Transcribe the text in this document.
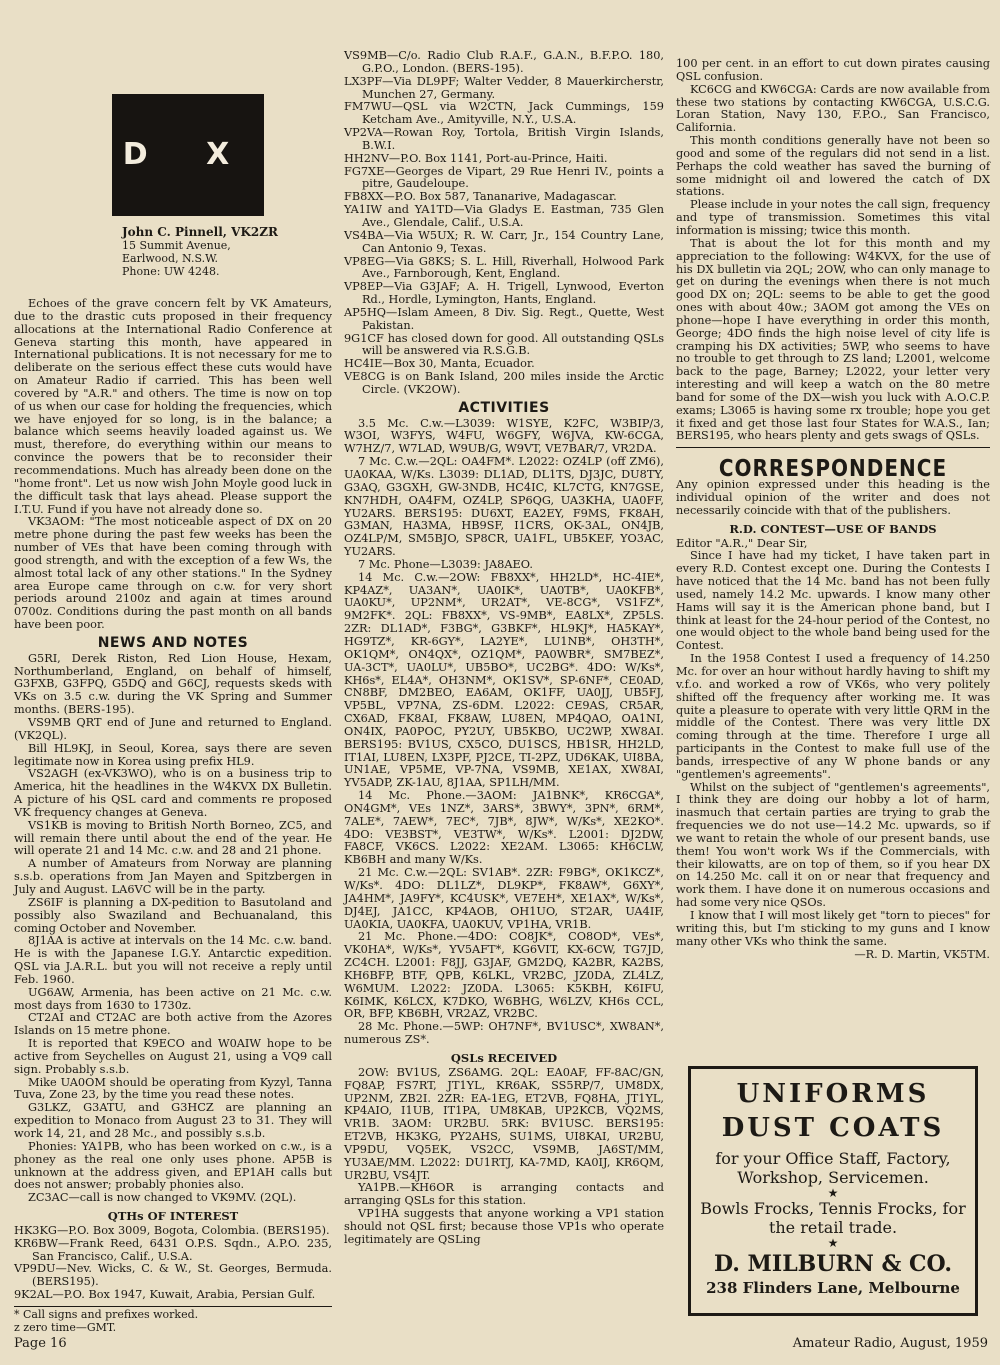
D X
John C. Pinnell, VK2ZR
15 Summit Avenue,
Earlwood, N.S.W.
Phone: UW 4248.

Echoes of the grave concern felt by VK Amateurs, due to the drastic cuts proposed in their frequency allocations at the International Radio Conference at Geneva starting this month, have appeared in International publications. It is not necessary for me to deliberate on the serious effect these cuts would have on Amateur Radio if carried. This has been well covered by "A.R." and others. The time is now on top of us when our case for holding the frequencies, which we have enjoyed for so long, is in the balance; a balance which seems heavily loaded against us. We must, therefore, do everything within our means to convince the powers that be to reconsider their recommendations. Much has already been done on the "home front". Let us now wish John Moyle good luck in the difficult task that lays ahead. Please support the I.T.U. Fund if you have not already done so.

VK3AOM: "The most noticeable aspect of DX on 20 metre phone during the past few weeks has been the number of VEs that have been coming through with good strength, and with the exception of a few Ws, the almost total lack of any other stations." In the Sydney area Europe came through on c.w. for very short periods around 2100z and again at times around 0700z. Conditions during the past month on all bands have been poor.

NEWS AND NOTES

G5RI, Derek Riston, Red Lion House, Hexam, Northumberland, England, on behalf of himself, G3FXB, G3FPQ, G5DQ and G6CJ, requests skeds with VKs on 3.5 c.w. during the VK Spring and Summer months. (BERS-195).

VS9MB QRT end of June and returned to England. (VK2QL).

Bill HL9KJ, in Seoul, Korea, says there are seven legitimate now in Korea using prefix HL9.

VS2AGH (ex-VK3WO), who is on a business trip to America, hit the headlines in the W4KVX DX Bulletin. A picture of his QSL card and comments re proposed VK frequency changes at Geneva.

VS1KB is moving to British North Borneo, ZC5, and will remain there until about the end of the year. He will operate 21 and 14 Mc. c.w. and 28 and 21 phone.

A number of Amateurs from Norway are planning s.s.b. operations from Jan Mayen and Spitzbergen in July and August. LA6VC will be in the party.

ZS6IF is planning a DX-pedition to Basutoland and possibly also Swaziland and Bechuanaland, this coming October and November.

8J1AA is active at intervals on the 14 Mc. c.w. band. He is with the Japanese I.G.Y. Antarctic expedition. QSL via J.A.R.L. but you will not receive a reply until Feb. 1960.

UG6AW, Armenia, has been active on 21 Mc. c.w. most days from 1630 to 1730z.

CT2AI and CT2AC are both active from the Azores Islands on 15 metre phone.

It is reported that K9ECO and W0AIW hope to be active from Seychelles on August 21, using a VQ9 call sign. Probably s.s.b.

Mike UA0OM should be operating from Kyzyl, Tanna Tuva, Zone 23, by the time you read these notes.

G3LKZ, G3ATU, and G3HCZ are planning an expedition to Monaco from August 23 to 31. They will work 14, 21, and 28 Mc., and possibly s.s.b.

Phonies: YA1PB, who has been worked on c.w., is a phoney as the real one only uses phone. AP5B is unknown at the address given, and EP1AH calls but does not answer; probably phonies also.

ZC3AC—call is now changed to VK9MV. (2QL).

QTHs OF INTEREST

HK3KG—P.O. Box 3009, Bogota, Colombia. (BERS195).

KR6BW—Frank Reed, 6431 O.P.S. Sqdn., A.P.O. 235, San Francisco, Calif., U.S.A.

VP9DU—Nev. Wicks, C. & W., St. Georges, Bermuda. (BERS195).

9K2AL—P.O. Box 1947, Kuwait, Arabia, Persian Gulf.

* Call signs and prefixes worked.
z zero time—GMT.

VS9MB—C/o. Radio Club R.A.F., G.A.N., B.F.P.O. 180, G.P.O., London. (BERS-195).

LX3PF—Via DL9PF; Walter Vedder, 8 Mauerkircherstr, Munchen 27, Germany.

FM7WU—QSL via W2CTN, Jack Cummings, 159 Ketcham Ave., Amityville, N.Y., U.S.A.

VP2VA—Rowan Roy, Tortola, British Virgin Islands, B.W.I.

HH2NV—P.O. Box 1141, Port-au-Prince, Haiti.

FG7XE—Georges de Vipart, 29 Rue Henri IV., points a pitre, Gaudeloupe.

FB8XX—P.O. Box 587, Tananarive, Madagascar.

YA1IW and YA1TD—Via Gladys E. Eastman, 735 Glen Ave., Glendale, Calif., U.S.A.

VS4BA—Via W5UX; R. W. Carr, Jr., 154 Country Lane, Can Antonio 9, Texas.

VP8EG—Via G8KS; S. L. Hill, Riverhall, Holwood Park Ave., Farnborough, Kent, England.

VP8EP—Via G3JAF; A. H. Trigell, Lynwood, Everton Rd., Hordle, Lymington, Hants, England.

AP5HQ—Islam Ameen, 8 Div. Sig. Regt., Quette, West Pakistan.

9G1CF has closed down for good. All outstanding QSLs will be answered via R.S.G.B.

HC4IE—Box 30, Manta, Ecuador.

VE8CG is on Bank Island, 200 miles inside the Arctic Circle. (VK2OW).

ACTIVITIES

3.5 Mc. C.w.—L3039: W1SYE, K2FC, W3BIP/3, W3OI, W3FYS, W4FU, W6GFY, W6JVA, KW-6CGA, W7HZ/7, W7LAD, W9UB/G, W9VT, VE7BAR/7, VR2DA.

7 Mc. C.w.—2QL: OA4FM*. L2022: OZ4LP (off ZM6), UA0KAA, W/Ks. L3039: DL1AD, DL1TS, DJ3JC, DU8TY, G3AQ, G3GXH, GW-3NDB, HC4IC, KL7CTG, KN7GSE, KN7HDH, OA4FM, OZ4LP, SP6QG, UA3KHA, UA0FF, YU2ARS. BERS195: DU6XT, EA2EY, F9MS, FK8AH, G3MAN, HA3MA, HB9SF, I1CRS, OK-3AL, ON4JB, OZ4LP/M, SM5BJO, SP8CR, UA1FL, UB5KEF, YO3AC, YU2ARS.

7 Mc. Phone—L3039: JA8AEO.

14 Mc. C.w.—2OW: FB8XX*, HH2LD*, HC-4IE*, KP4AZ*, UA3AN*, UA0IK*, UA0TB*, UA0KFB*, UA0KU*, UP2NM*, UR2AT*, VE-8CG*, VS1FZ*, 9M2FK*. 2QL: FB8XX*, VS-9MB*, EA8LX*, ZP5LS. 2ZR: DL1AD*, F3BG*, G3BKF*, HL9KJ*, HA5KAY*, HG9TZ*, KR-6GY*, LA2YE*, LU1NB*, OH3TH*, OK1QM*, ON4QX*, OZ1QM*, PA0WBR*, SM7BEZ*, UA-3CT*, UA0LU*, UB5BO*, UC2BG*. 4DO: W/Ks*, KH6s*, EL4A*, OH3NM*, OK1SV*, SP-6NF*, CE0AD, CN8BF, DM2BEO, EA6AM, OK1FF, UA0JJ, UB5FJ, VP5BL, VP7NA, ZS-6DM. L2022: CE9AS, CR5AR, CX6AD, FK8AI, FK8AW, LU8EN, MP4QAO, OA1NI, ON4IX, PA0POC, PY2UY, UB5KBO, UC2WP, XW8AI. BERS195: BV1US, CX5CO, DU1SCS, HB1SR, HH2LD, IT1AI, LU8EN, LX3PF, PJ2CE, TI-2PZ, UD6KAK, UI8BA, UN1AE, VP5ME, VP-7NA, VS9MB, XE1AX, XW8AI, YV5ADP, ZK-1AU, 8J1AA, SP1LH/MM.

14 Mc. Phone.—3AOM: JA1BNK*, KR6CGA*, ON4GM*, VEs 1NZ*, 3ARS*, 3BWY*, 3PN*, 6RM*, 7ALE*, 7AEW*, 7EC*, 7JB*, 8JW*, W/Ks*, XE2KO*. 4DO: VE3BST*, VE3TW*, W/Ks*. L2001: DJ2DW, FA8CF, VK6CS. L2022: XE2AM. L3065: KH6CLW, KB6BH and many W/Ks.

21 Mc. C.w.—2QL: SV1AB*. 2ZR: F9BG*, OK1KCZ*, W/Ks*. 4DO: DL1LZ*, DL9KP*, FK8AW*, G6XY*, JA4HM*, JA9FY*, KC4USK*, VE7EH*, XE1AX*, W/Ks*, DJ4EJ, JA1CC, KP4AOB, OH1UO, ST2AR, UA4IF, UA0KIA, UA0KFA, UA0KUV, VP1HA, VR1B.

21 Mc. Phone.—4DO: CO8JK*, CO8OD*, VEs*, VK0HA*, W/Ks*, YV5AFT*, KG6VIT, KX-6CW, TG7JD, ZC4CH. L2001: F8JJ, G3JAF, GM2DQ, KA2BR, KA2BS, KH6BFP, BTF, QPB, K6LKL, VR2BC, JZ0DA, ZL4LZ, W6MUM. L2022: JZ0DA. L3065: K5KBH, K6IFU, K6IMK, K6LCX, K7DKO, W6BHG, W6LZV, KH6s CCL, OR, BFP, KB6BH, VR2AZ, VR2BC.

28 Mc. Phone.—5WP: OH7NF*, BV1USC*, XW8AN*, numerous ZS*.

QSLs RECEIVED

2OW: BV1US, ZS6AMG. 2QL: EA0AF, FF-8AC/GN, FQ8AP, FS7RT, JT1YL, KR6AK, SS5RP/7, UM8DX, UP2NM, ZB2I. 2ZR: EA-1EG, ET2VB, FQ8HA, JT1YL, KP4AIO, I1UB, IT1PA, UM8KAB, UP2KCB, VQ2MS, VR1B. 3AOM: UR2BU. 5RK: BV1USC. BERS195: ET2VB, HK3KG, PY2AHS, SU1MS, UI8KAI, UR2BU, VP9DU, VQ5EK, VS2CC, VS9MB, JA6ST/MM, YU3AE/MM. L2022: DU1RTJ, KA-7MD, KA0IJ, KR6QM, UR2BU, VS4JT.

YA1PB.—KH6OR is arranging contacts and arranging QSLs for this station.

VP1HA suggests that anyone working a VP1 station should not QSL first; because those VP1s who operate legitimately are QSLing

100 per cent. in an effort to cut down pirates causing QSL confusion.

KC6CG and KW6CGA: Cards are now available from these two stations by contacting KW6CGA, U.S.C.G. Loran Station, Navy 130, F.P.O., San Francisco, California.

This month conditions generally have not been so good and some of the regulars did not send in a list. Perhaps the cold weather has saved the burning of some midnight oil and lowered the catch of DX stations.

Please include in your notes the call sign, frequency and type of transmission. Sometimes this vital information is missing; twice this month.

That is about the lot for this month and my appreciation to the following: W4KVX, for the use of his DX bulletin via 2QL; 2OW, who can only manage to get on during the evenings when there is not much good DX on; 2QL: seems to be able to get the good ones with about 40w.; 3AOM got among the VEs on phone—hope I have everything in order this month, George; 4DO finds the high noise level of city life is cramping his DX activities; 5WP, who seems to have no trouble to get through to ZS land; L2001, welcome back to the page, Barney; L2022, your letter very interesting and will keep a watch on the 80 metre band for some of the DX—wish you luck with A.O.C.P. exams; L3065 is having some rx trouble; hope you get it fixed and get those last four States for W.A.S., Ian; BERS195, who hears plenty and gets swags of QSLs.

CORRESPONDENCE

Any opinion expressed under this heading is the individual opinion of the writer and does not necessarily coincide with that of the publishers.

R.D. CONTEST—USE OF BANDS

Editor "A.R.," Dear Sir,

Since I have had my ticket, I have taken part in every R.D. Contest except one. During the Contests I have noticed that the 14 Mc. band has not been fully used, namely 14.2 Mc. upwards. I know many other Hams will say it is the American phone band, but I think at least for the 24-hour period of the Contest, no one would object to the whole band being used for the Contest.

In the 1958 Contest I used a frequency of 14.250 Mc. for over an hour without hardly having to shift my v.f.o. and worked a row of VK6s, who very politely shifted off the frequency after working me. It was quite a pleasure to operate with very little QRM in the middle of the Contest. There was very little DX coming through at the time. Therefore I urge all participants in the Contest to make full use of the bands, irrespective of any W phone bands or any "gentlemen's agreements".

Whilst on the subject of "gentlemen's agreements", I think they are doing our hobby a lot of harm, inasmuch that certain parties are trying to grab the frequencies we do not use—14.2 Mc. upwards, so if we want to retain the whole of our present bands, use them! You won't work Ws if the Commercials, with their kilowatts, are on top of them, so if you hear DX on 14.250 Mc. call it on or near that frequency and work them. I have done it on numerous occasions and had some very nice QSOs.

I know that I will most likely get "torn to pieces" for writing this, but I'm sticking to my guns and I know many other VKs who think the same.

—R. D. Martin, VK5TM.

UNIFORMS
DUST COATS
for your Office Staff, Factory, Workshop, Servicemen.
★
Bowls Frocks, Tennis Frocks, for the retail trade.
★
D. MILBURN & CO.
238 Flinders Lane, Melbourne
Page 16	Amateur Radio, August, 1959
